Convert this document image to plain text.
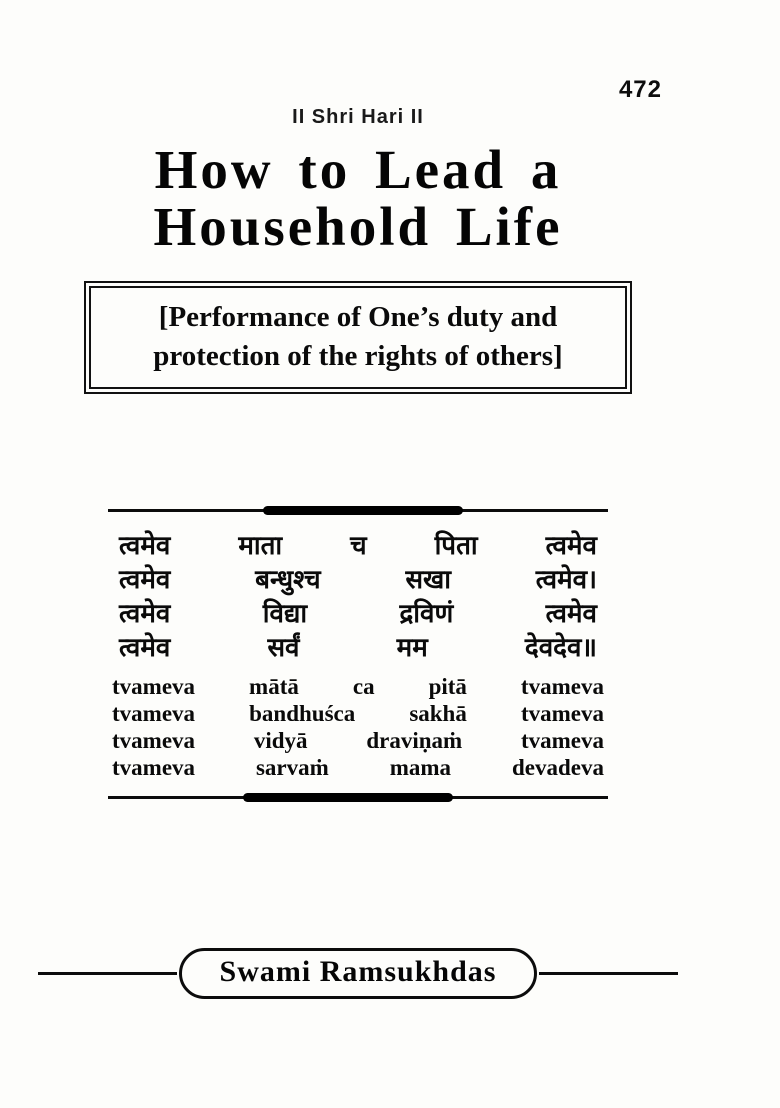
472
II Shri Hari II
How to Lead a
Household Life
[Performance of One’s duty and
protection of the rights of others]
त्वमेव	माता	च	पिता	त्वमेव
त्वमेव	बन्धुश्च	सखा	त्वमेव।
त्वमेव	विद्या	द्रविणं	त्वमेव
त्वमेव	सर्वं	मम	देवदेव॥
tvameva mātā ca pitā tvameva
tvameva bandhuśca sakhā tvameva
tvameva	vidyā	draviṇaṁ	tvameva
tvameva	sarvaṁ	mama	devadeva
Swami Ramsukhdas
